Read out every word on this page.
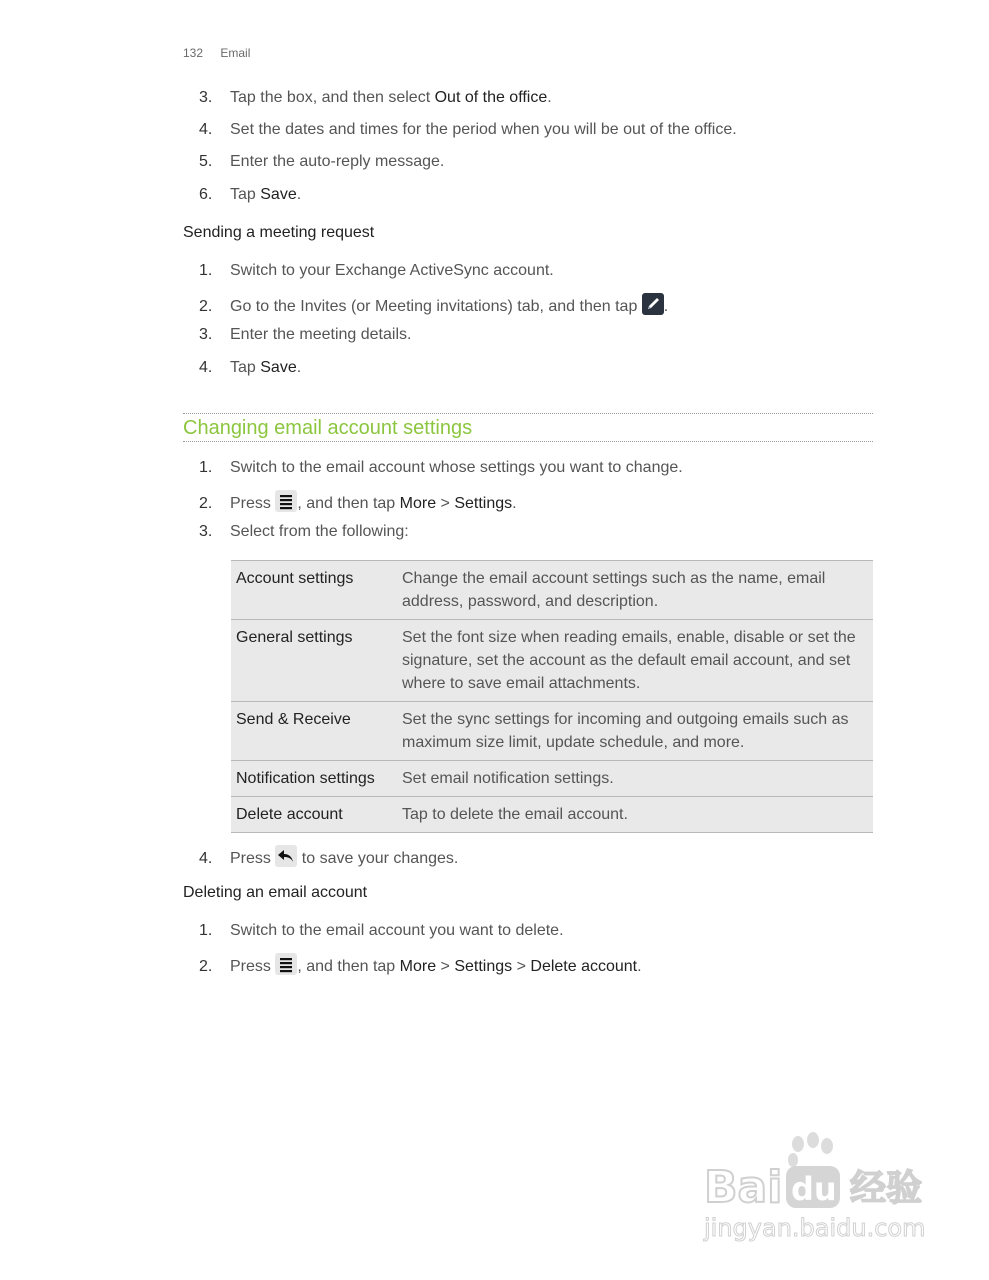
132 Email
3. Tap the box, and then select Out of the office.
4. Set the dates and times for the period when you will be out of the office.
5. Enter the auto-reply message.
6. Tap Save.
Sending a meeting request
1. Switch to your Exchange ActiveSync account.
2. Go to the Invites (or Meeting invitations) tab, and then tap .
3. Enter the meeting details.
4. Tap Save.
Changing email account settings
1. Switch to the email account whose settings you want to change.
2. Press , and then tap More > Settings.
3. Select from the following:
Account settings	Change the email account settings such as the name, email address, password, and description.
General settings	Set the font size when reading emails, enable, disable or set the signature, set the account as the default email account, and set where to save email attachments.
Send & Receive	Set the sync settings for incoming and outgoing emails such as maximum size limit, update schedule, and more.
Notification settings	Set email notification settings.
Delete account	Tap to delete the email account.
4. Press  to save your changes.
Deleting an email account
1. Switch to the email account you want to delete.
2. Press , and then tap More > Settings > Delete account.
Bai du 经验
jingyan.baidu.com
